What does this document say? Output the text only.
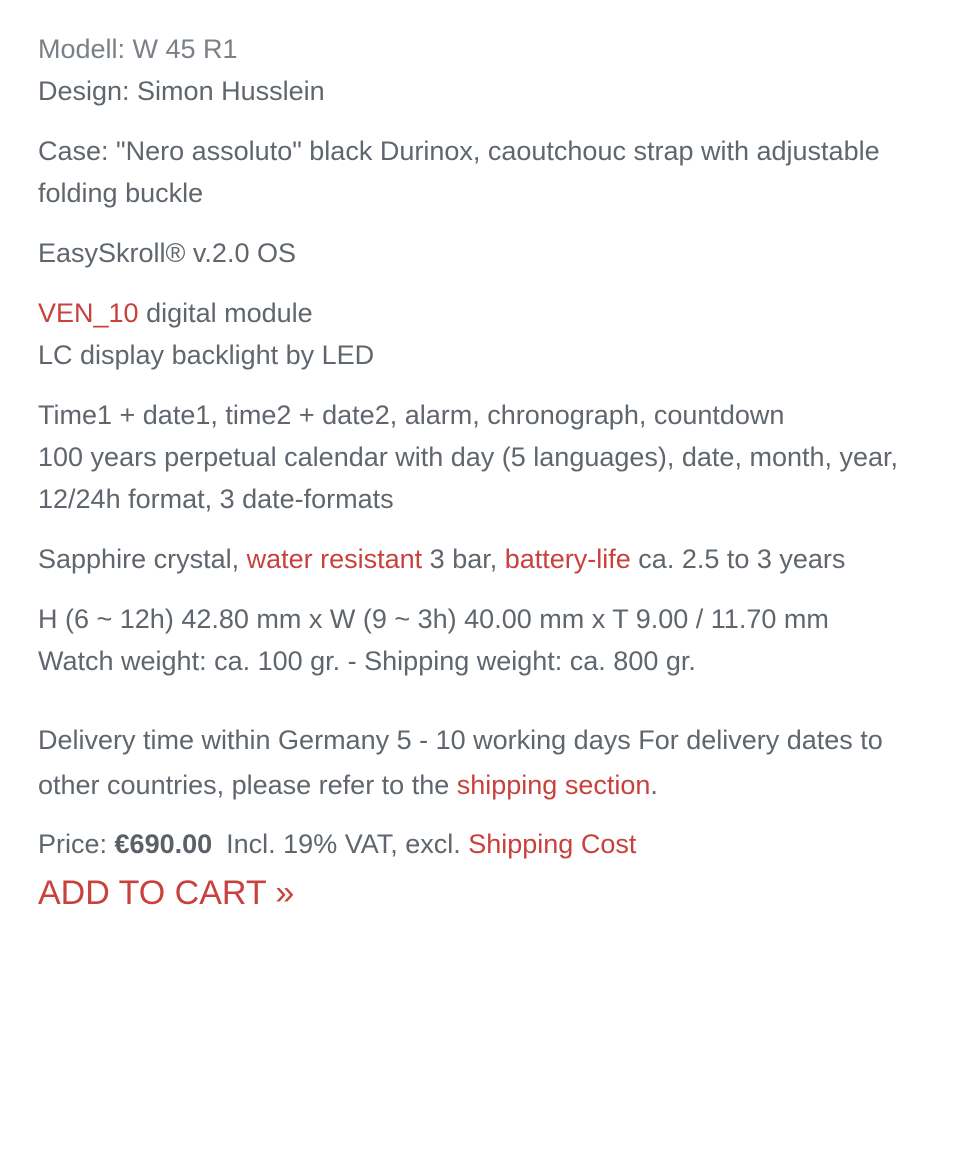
Modell: W 45 R1

Design: Simon Husslein

Case: "Nero assoluto" black Durinox, caoutchouc strap with adjustable folding buckle

EasySkroll® v.2.0 OS

VEN_10 digital module

LC display backlight by LED

Time1 + date1, time2 + date2, alarm, chronograph, countdown

100 years perpetual calendar with day (5 languages), date, month, year, 12/24h format, 3 date-formats

Sapphire crystal, water resistant 3 bar, battery-life ca. 2.5 to 3 years

H (6 ~ 12h) 42.80 mm x W (9 ~ 3h) 40.00 mm x T 9.00 / 11.70 mm

Watch weight: ca. 100 gr. - Shipping weight: ca. 800 gr.

Delivery time within Germany 5 - 10 working days For delivery dates to other countries, please refer to the shipping section.

Price: €690.00 Incl. 19% VAT, excl. Shipping Cost
ADD TO CART »
